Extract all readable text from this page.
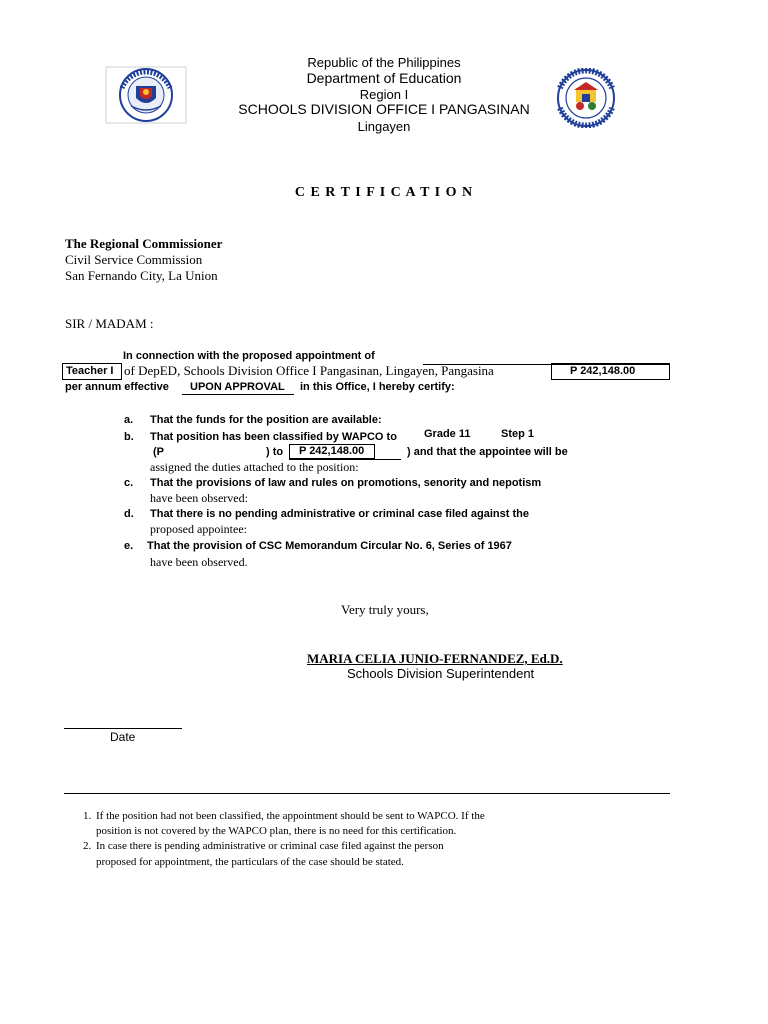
Republic of the Philippines
Department of Education
Region I
SCHOOLS DIVISION OFFICE I PANGASINAN
Lingayen
C E R T I F I C A T I O N
The Regional Commissioner
Civil Service Commission
San Fernando City, La Union
SIR / MADAM :
In connection with the proposed appointment of
Teacher I of DepED, Schools Division Office I Pangasinan, Lingayen, Pangasina	P 242,148.00
per annum effective UPON APPROVAL in this Office, I hereby certify:
a. That the funds for the position are available:
b. That position has been classified by WAPCO to Grade 11	Step 1
(P	) to P 242,148.00	) and that the appointee will be
assigned the duties attached to the position:
c. That the provisions of law and rules on promotions, senority and nepotism
have been observed:
d. That there is no pending administrative or criminal case filed against the
proposed appointee:
e. That the provision of CSC Memorandum Circular No. 6, Series of 1967
have been observed.
Very truly yours,
MARIA CELIA JUNIO-FERNANDEZ, Ed.D.
Schools Division Superintendent
Date
1. If the position had not been classified, the appointment should be sent to WAPCO. If the
position is not covered by the WAPCO plan, there is no need for this certification.
2. In case there is pending administrative or criminal case filed against the person
proposed for appointment, the particulars of the case should be stated.
